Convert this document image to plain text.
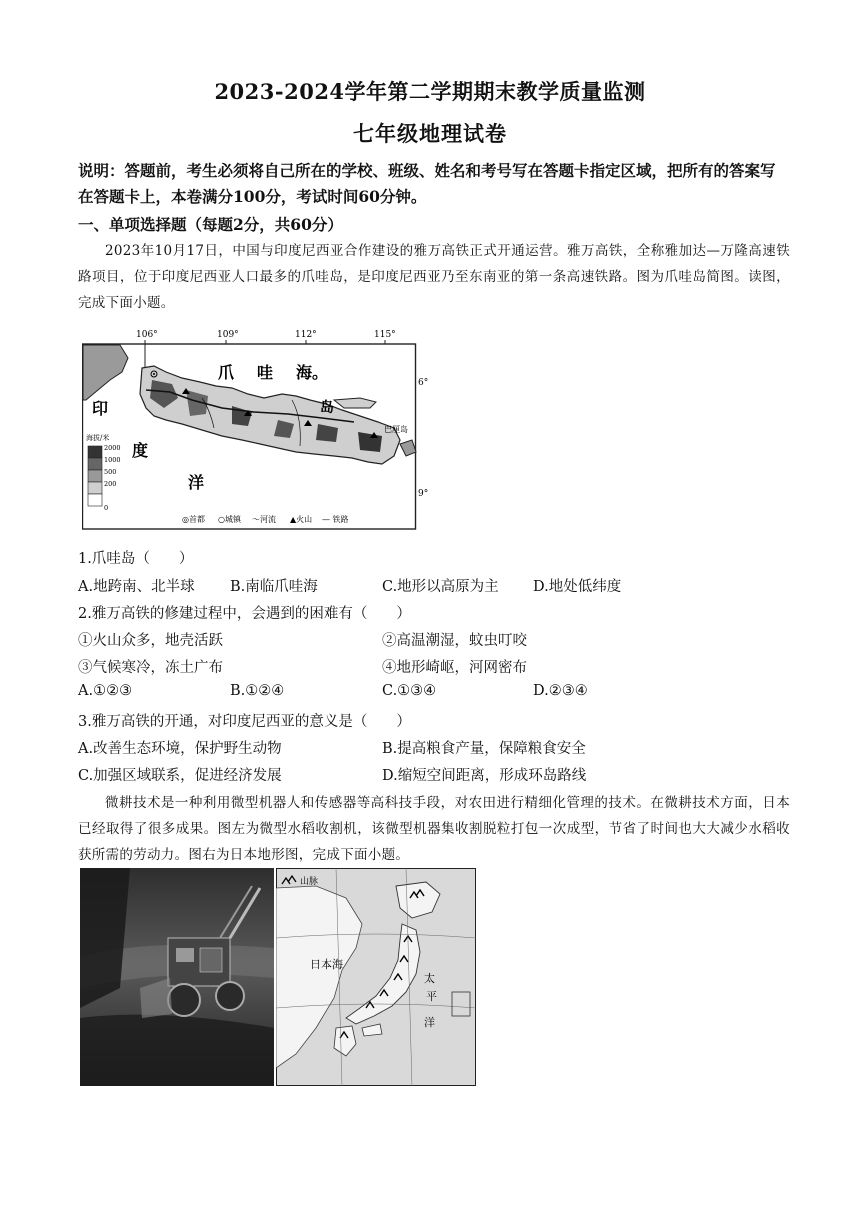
2023-2024学年第二学期期末教学质量监测
七年级地理试卷
说明：答题前，考生必须将自己所在的学校、班级、姓名和考号写在答题卡指定区域，把所有的答案写在答题卡上，本卷满分100分，考试时间60分钟。
一、单项选择题（每题2分，共60分）
2023年10月17日，中国与印度尼西亚合作建设的雅万高铁正式开通运营。雅万高铁，全称雅加达—万隆高速铁路项目，位于印度尼西亚人口最多的爪哇岛，是印度尼西亚乃至东南亚的第一条高速铁路。图为爪哇岛简图。读图，完成下面小题。
106°	109°	112°	115°
6°
9°
爪 哇 海。
印
度
洋
岛
巴厘岛
海拔/米
2000
1000
500
200
0
◎首都 ○城镇 〜河流 ▲火山 — 铁路
1.爪哇岛（　　）
A.地跨南、北半球 B.南临爪哇海	C.地形以高原为主 D.地处低纬度
2.雅万高铁的修建过程中，会遇到的困难有（　　）
①火山众多，地壳活跃	②高温潮湿，蚊虫叮咬
③气候寒冷，冻土广布	④地形崎岖，河网密布
A.①②③	B.①②④	C.①③④	D.②③④
3.雅万高铁的开通，对印度尼西亚的意义是（　　）
A.改善生态环境，保护野生动物	B.提高粮食产量，保障粮食安全
C.加强区域联系，促进经济发展	D.缩短空间距离，形成环岛路线
微耕技术是一种利用微型机器人和传感器等高科技手段，对农田进行精细化管理的技术。在微耕技术方面，日本已经取得了很多成果。图左为微型水稻收割机，该微型机器集收割脱粒打包一次成型，节省了时间也大大减少水稻收获所需的劳动力。图右为日本地形图，完成下面小题。
山脉
日本海
太
平
洋
